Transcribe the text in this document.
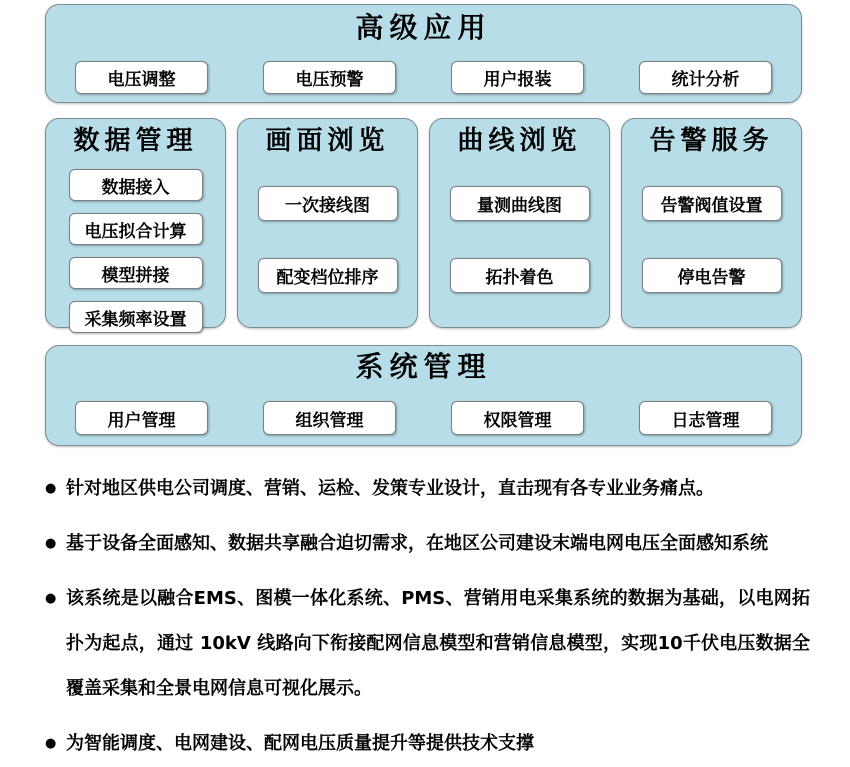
高级应用
电压调整	电压预警	用户报装	统计分析
数据管理
数据接入
电压拟合计算
模型拼接
采集频率设置
画面浏览
一次接线图
配变档位排序
曲线浏览
量测曲线图
拓扑着色
告警服务
告警阀值设置
停电告警
系统管理
用户管理	组织管理	权限管理	日志管理
● 针对地区供电公司调度、营销、运检、发策专业设计，直击现有各专业业务痛点。
● 基于设备全面感知、数据共享融合迫切需求，在地区公司建设末端电网电压全面感知系统
● 该系统是以融合EMS、图模一体化系统、PMS、营销用电采集系统的数据为基础，以电网拓扑为起点，通过 10kV 线路向下衔接配网信息模型和营销信息模型，实现10千伏电压数据全覆盖采集和全景电网信息可视化展示。
● 为智能调度、电网建设、配网电压质量提升等提供技术支撑
